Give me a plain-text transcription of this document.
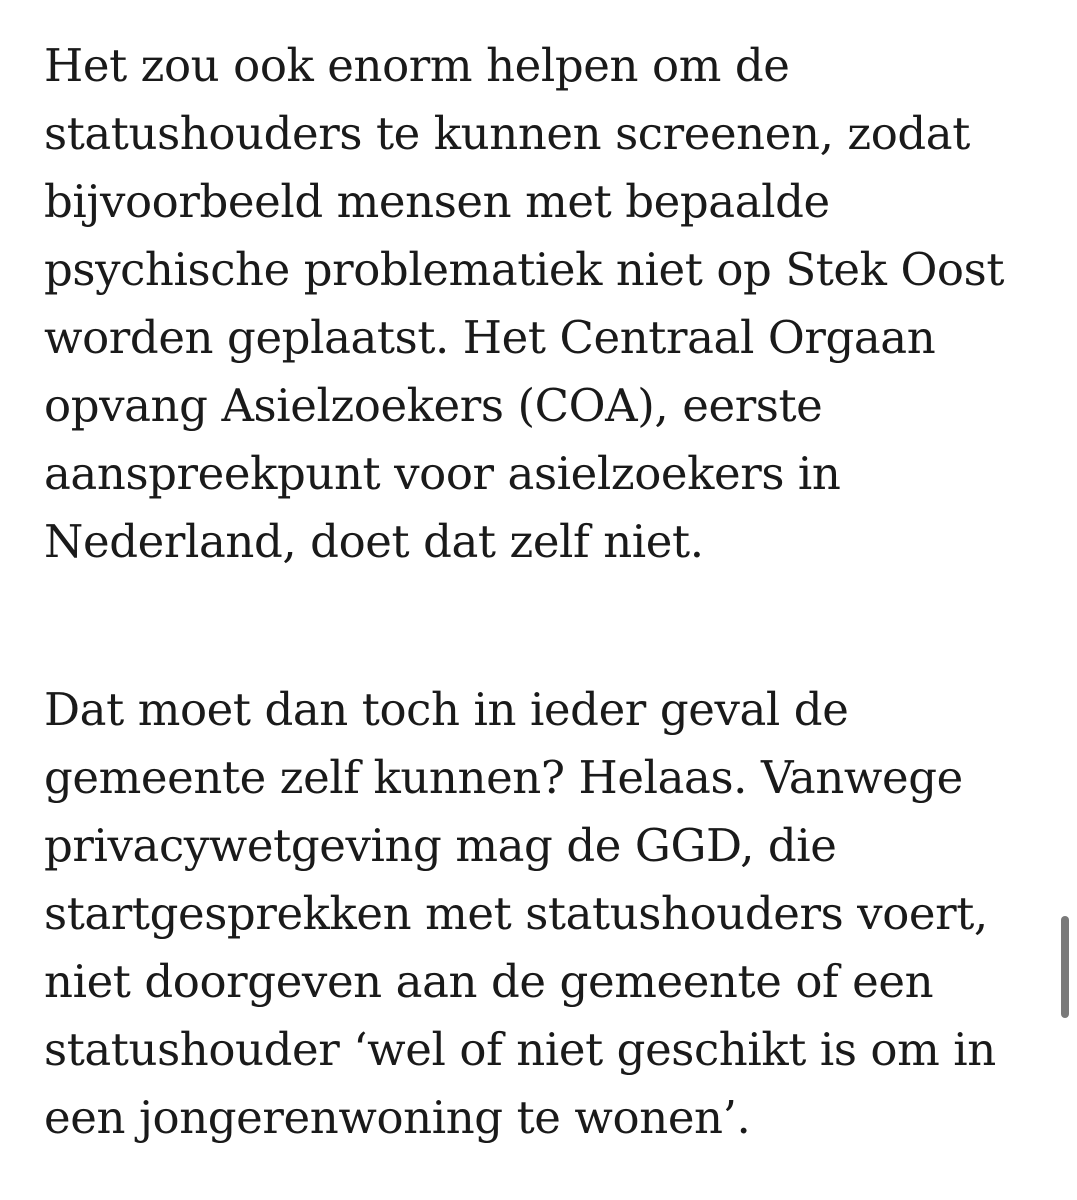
Het zou ook enorm helpen om de
statushouders te kunnen screenen, zodat
bijvoorbeeld mensen met bepaalde
psychische problematiek niet op Stek Oost
worden geplaatst. Het Centraal Orgaan
opvang Asielzoekers (COA), eerste
aanspreekpunt voor asielzoekers in
Nederland, doet dat zelf niet.

Dat moet dan toch in ieder geval de
gemeente zelf kunnen? Helaas. Vanwege
privacywetgeving mag de GGD, die
startgesprekken met statushouders voert,
niet doorgeven aan de gemeente of een
statushouder ‘wel of niet geschikt is om in
een jongerenwoning te wonen’.
